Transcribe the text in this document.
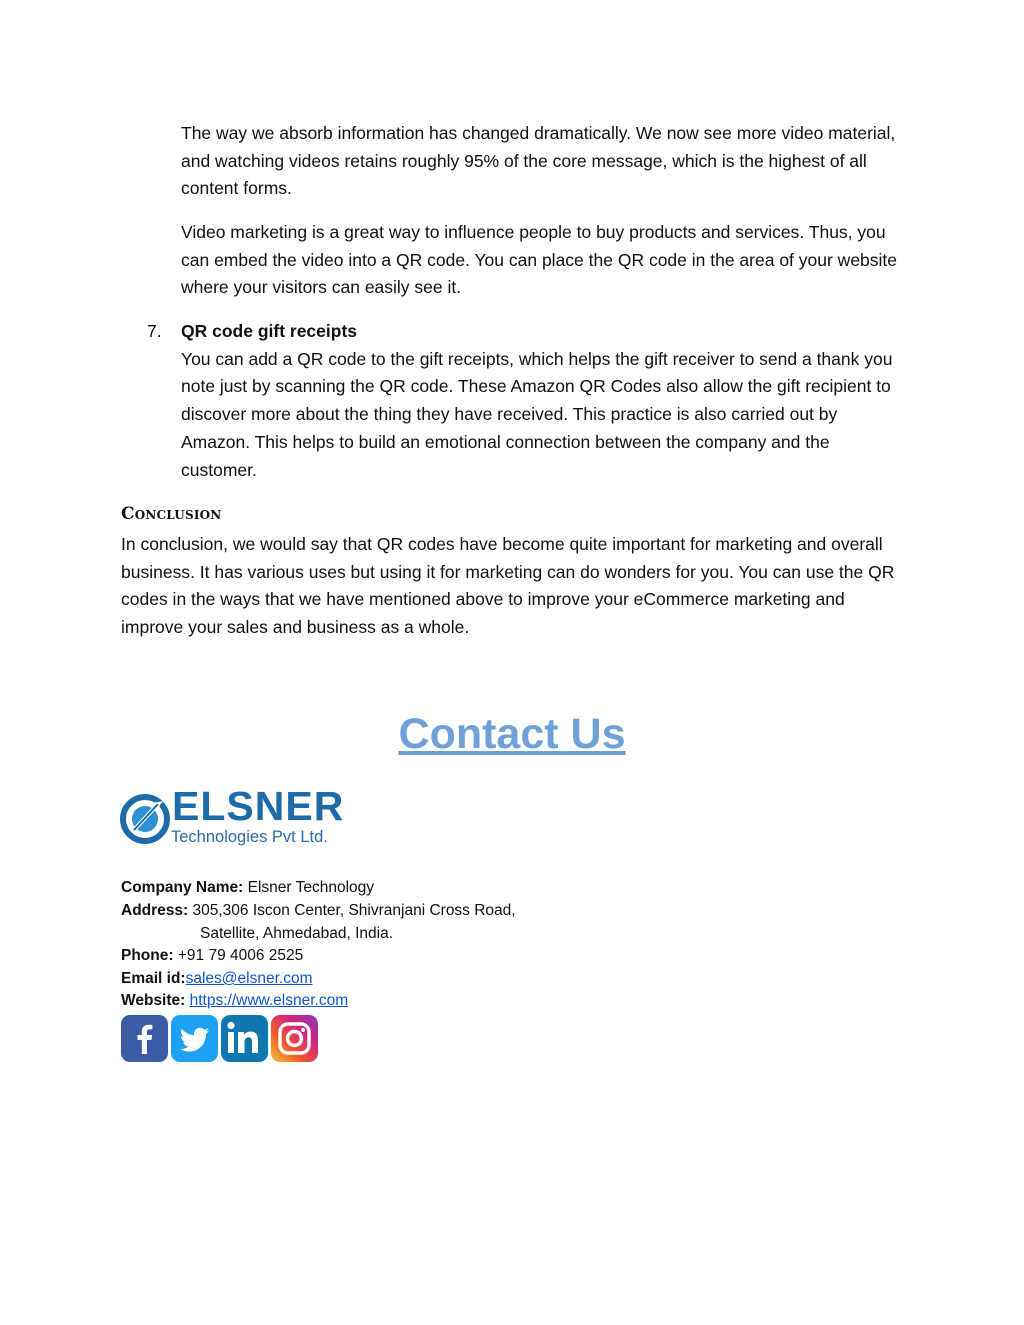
The way we absorb information has changed dramatically. We now see more video material, and watching videos retains roughly 95% of the core message, which is the highest of all content forms.

Video marketing is a great way to influence people to buy products and services. Thus, you can embed the video into a QR code. You can place the QR code in the area of your website where your visitors can easily see it.

7.	QR code gift receipts
You can add a QR code to the gift receipts, which helps the gift receiver to send a thank you note just by scanning the QR code. These Amazon QR Codes also allow the gift recipient to discover more about the thing they have received. This practice is also carried out by Amazon. This helps to build an emotional connection between the company and the customer.
Conclusion

In conclusion, we would say that QR codes have become quite important for marketing and overall business. It has various uses but using it for marketing can do wonders for you. You can use the QR codes in the ways that we have mentioned above to improve your eCommerce marketing and improve your sales and business as a whole.

Contact Us
ELSNER
Technologies Pvt Ltd.

Company Name: Elsner Technology

Address: 305,306 Iscon Center, Shivranjani Cross Road,

Satellite, Ahmedabad, India.

Phone: +91 79 4006 2525

Email id:sales@elsner.com

Website: https://www.elsner.com
